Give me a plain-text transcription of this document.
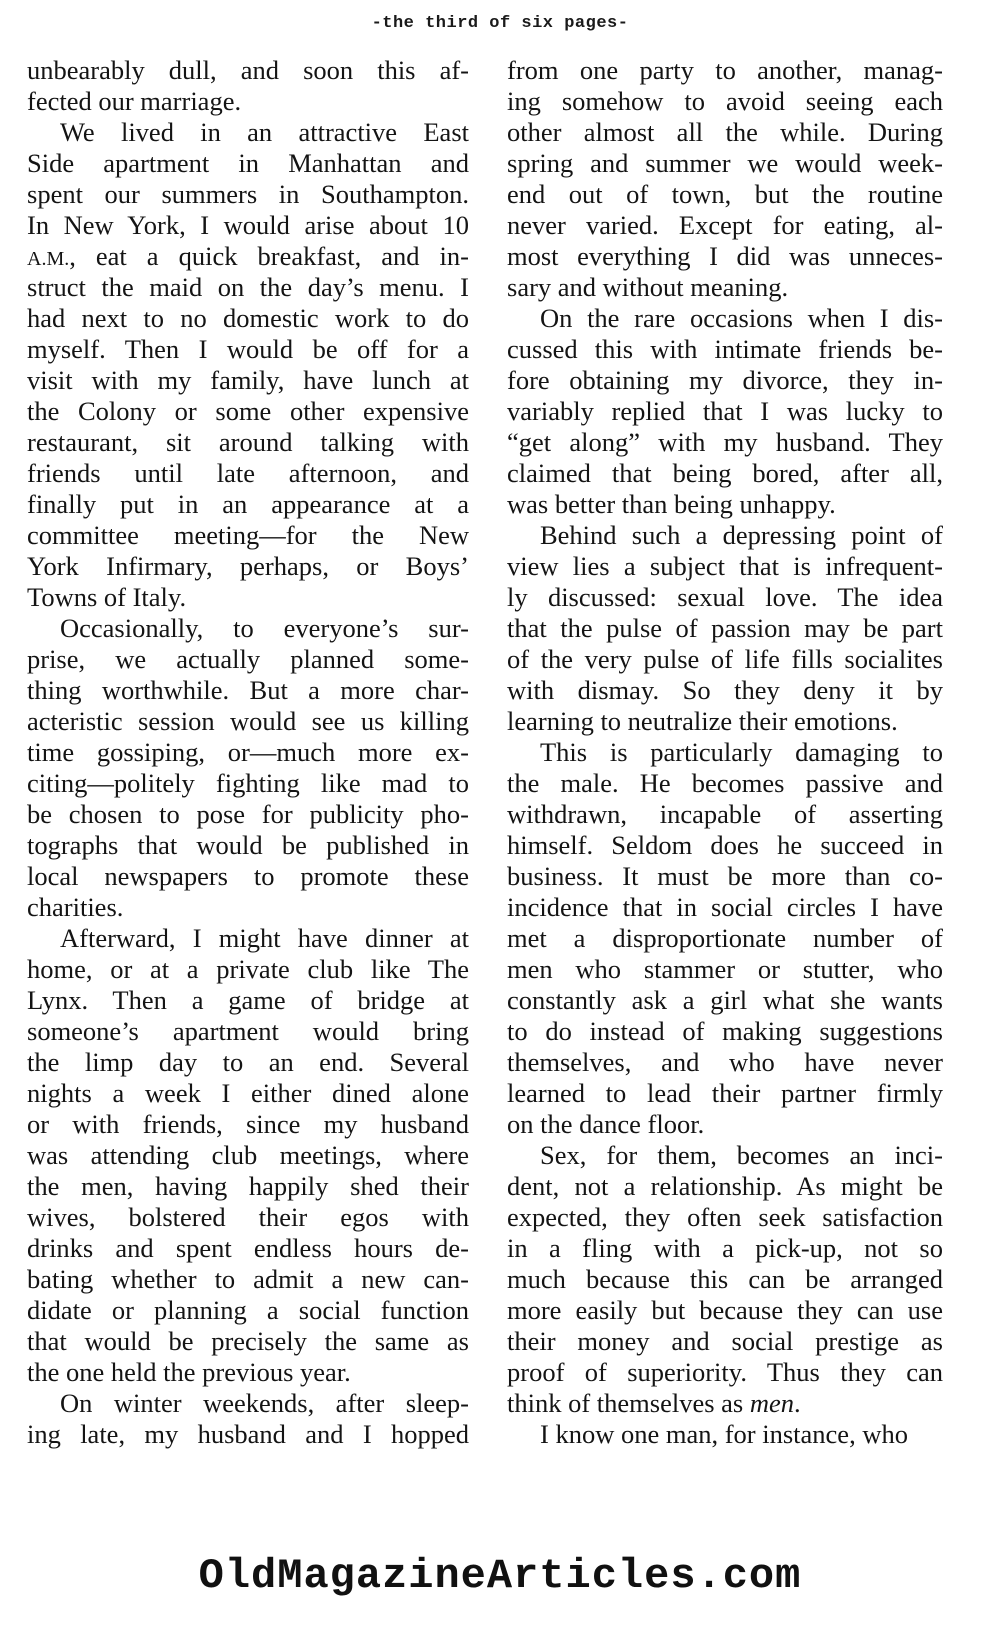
-the third of six pages-
unbearably dull, and soon this af-
fected our marriage.
We lived in an attractive East
Side apartment in Manhattan and
spent our summers in Southampton.
In New York, I would arise about 10
A.M., eat a quick breakfast, and in-
struct the maid on the day’s menu. I
had next to no domestic work to do
myself. Then I would be off for a
visit with my family, have lunch at
the Colony or some other expensive
restaurant, sit around talking with
friends until late afternoon, and
finally put in an appearance at a
committee meeting—for the New
York Infirmary, perhaps, or Boys’
Towns of Italy.
Occasionally, to everyone’s sur-
prise, we actually planned some-
thing worthwhile. But a more char-
acteristic session would see us killing
time gossiping, or—much more ex-
citing—politely fighting like mad to
be chosen to pose for publicity pho-
tographs that would be published in
local newspapers to promote these
charities.
Afterward, I might have dinner at
home, or at a private club like The
Lynx. Then a game of bridge at
someone’s apartment would bring
the limp day to an end. Several
nights a week I either dined alone
or with friends, since my husband
was attending club meetings, where
the men, having happily shed their
wives, bolstered their egos with
drinks and spent endless hours de-
bating whether to admit a new can-
didate or planning a social function
that would be precisely the same as
the one held the previous year.
On winter weekends, after sleep-
ing late, my husband and I hopped
from one party to another, manag-
ing somehow to avoid seeing each
other almost all the while. During
spring and summer we would week-
end out of town, but the routine
never varied. Except for eating, al-
most everything I did was unneces-
sary and without meaning.
On the rare occasions when I dis-
cussed this with intimate friends be-
fore obtaining my divorce, they in-
variably replied that I was lucky to
“get along” with my husband. They
claimed that being bored, after all,
was better than being unhappy.
Behind such a depressing point of
view lies a subject that is infrequent-
ly discussed: sexual love. The idea
that the pulse of passion may be part
of the very pulse of life fills socialites
with dismay. So they deny it by
learning to neutralize their emotions.
This is particularly damaging to
the male. He becomes passive and
withdrawn, incapable of asserting
himself. Seldom does he succeed in
business. It must be more than co-
incidence that in social circles I have
met a disproportionate number of
men who stammer or stutter, who
constantly ask a girl what she wants
to do instead of making suggestions
themselves, and who have never
learned to lead their partner firmly
on the dance floor.
Sex, for them, becomes an inci-
dent, not a relationship. As might be
expected, they often seek satisfaction
in a fling with a pick-up, not so
much because this can be arranged
more easily but because they can use
their money and social prestige as
proof of superiority. Thus they can
think of themselves as men.
I know one man, for instance, who
OldMagazineArticles.com
